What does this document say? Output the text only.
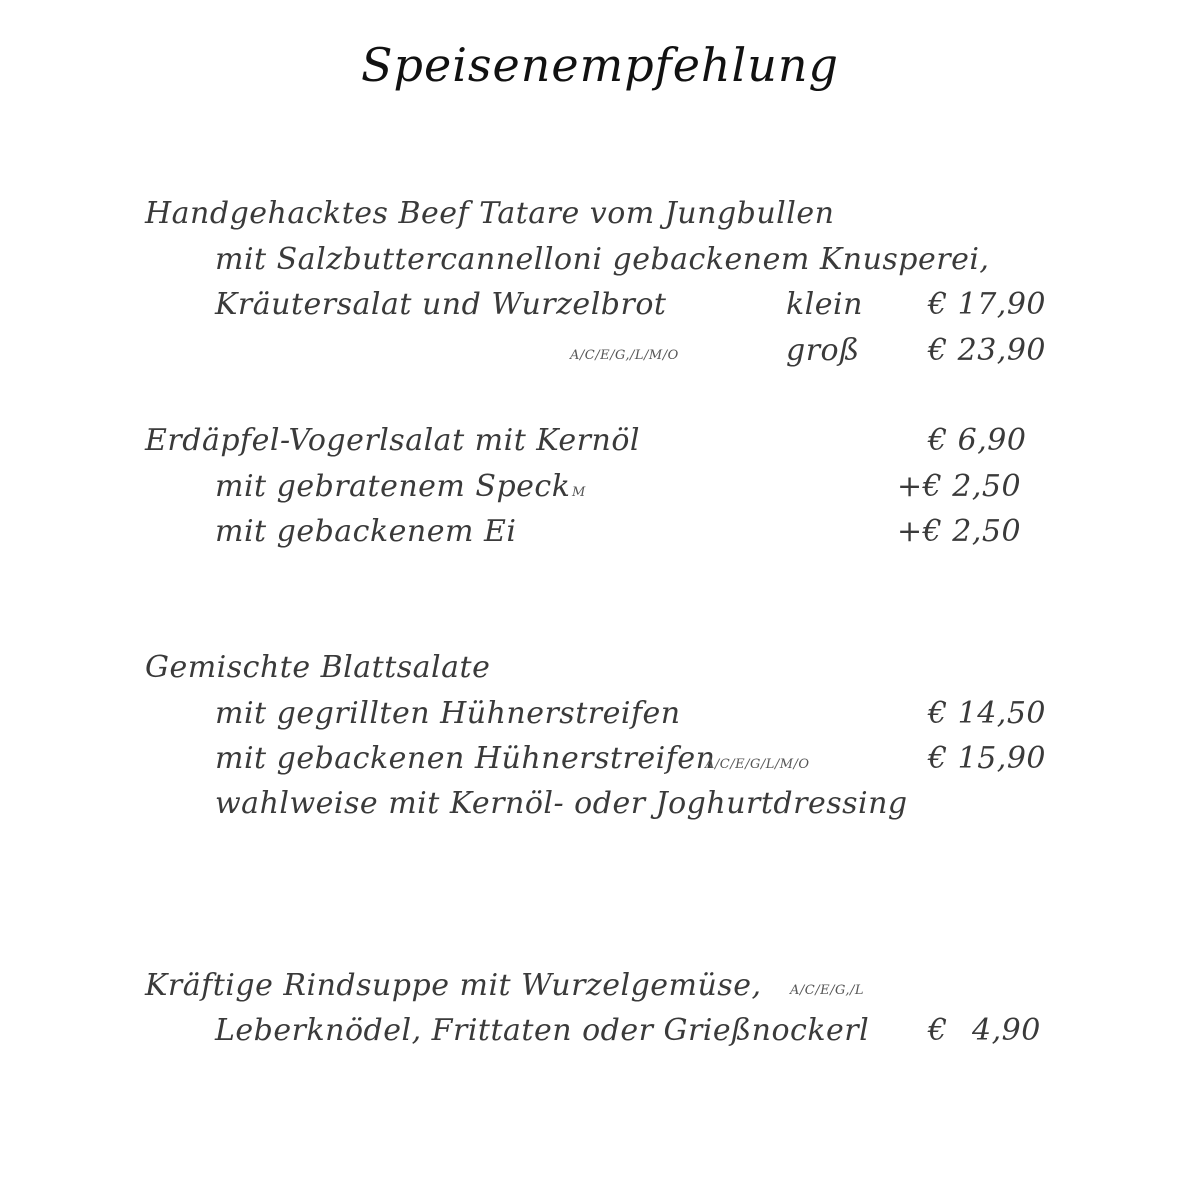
Speisenempfehlung
Handgehacktes Beef Tatare vom Jungbullen
mit Salzbuttercannelloni gebackenem Knusperei,
Kräutersalat und Wurzelbrot	klein € 17,90
A/C/E/G,/L/M/O	groß € 23,90
Erdäpfel-Vogerlsalat mit Kernöl	€ 6,90
mit gebratenem Speck M	+€ 2,50
mit gebackenem Ei	+€ 2,50
Gemischte Blattsalate
mit gegrillten Hühnerstreifen	€ 14,50
mit gebackenen Hühnerstreifen
A/C/E/G/L/M/O	€ 15,90
wahlweise mit Kernöl- oder Joghurtdressing
Kräftige Rindsuppe mit Wurzelgemüse, A/C/E/G,/L
Leberknödel, Frittaten oder Grießnockerl € 4,90
